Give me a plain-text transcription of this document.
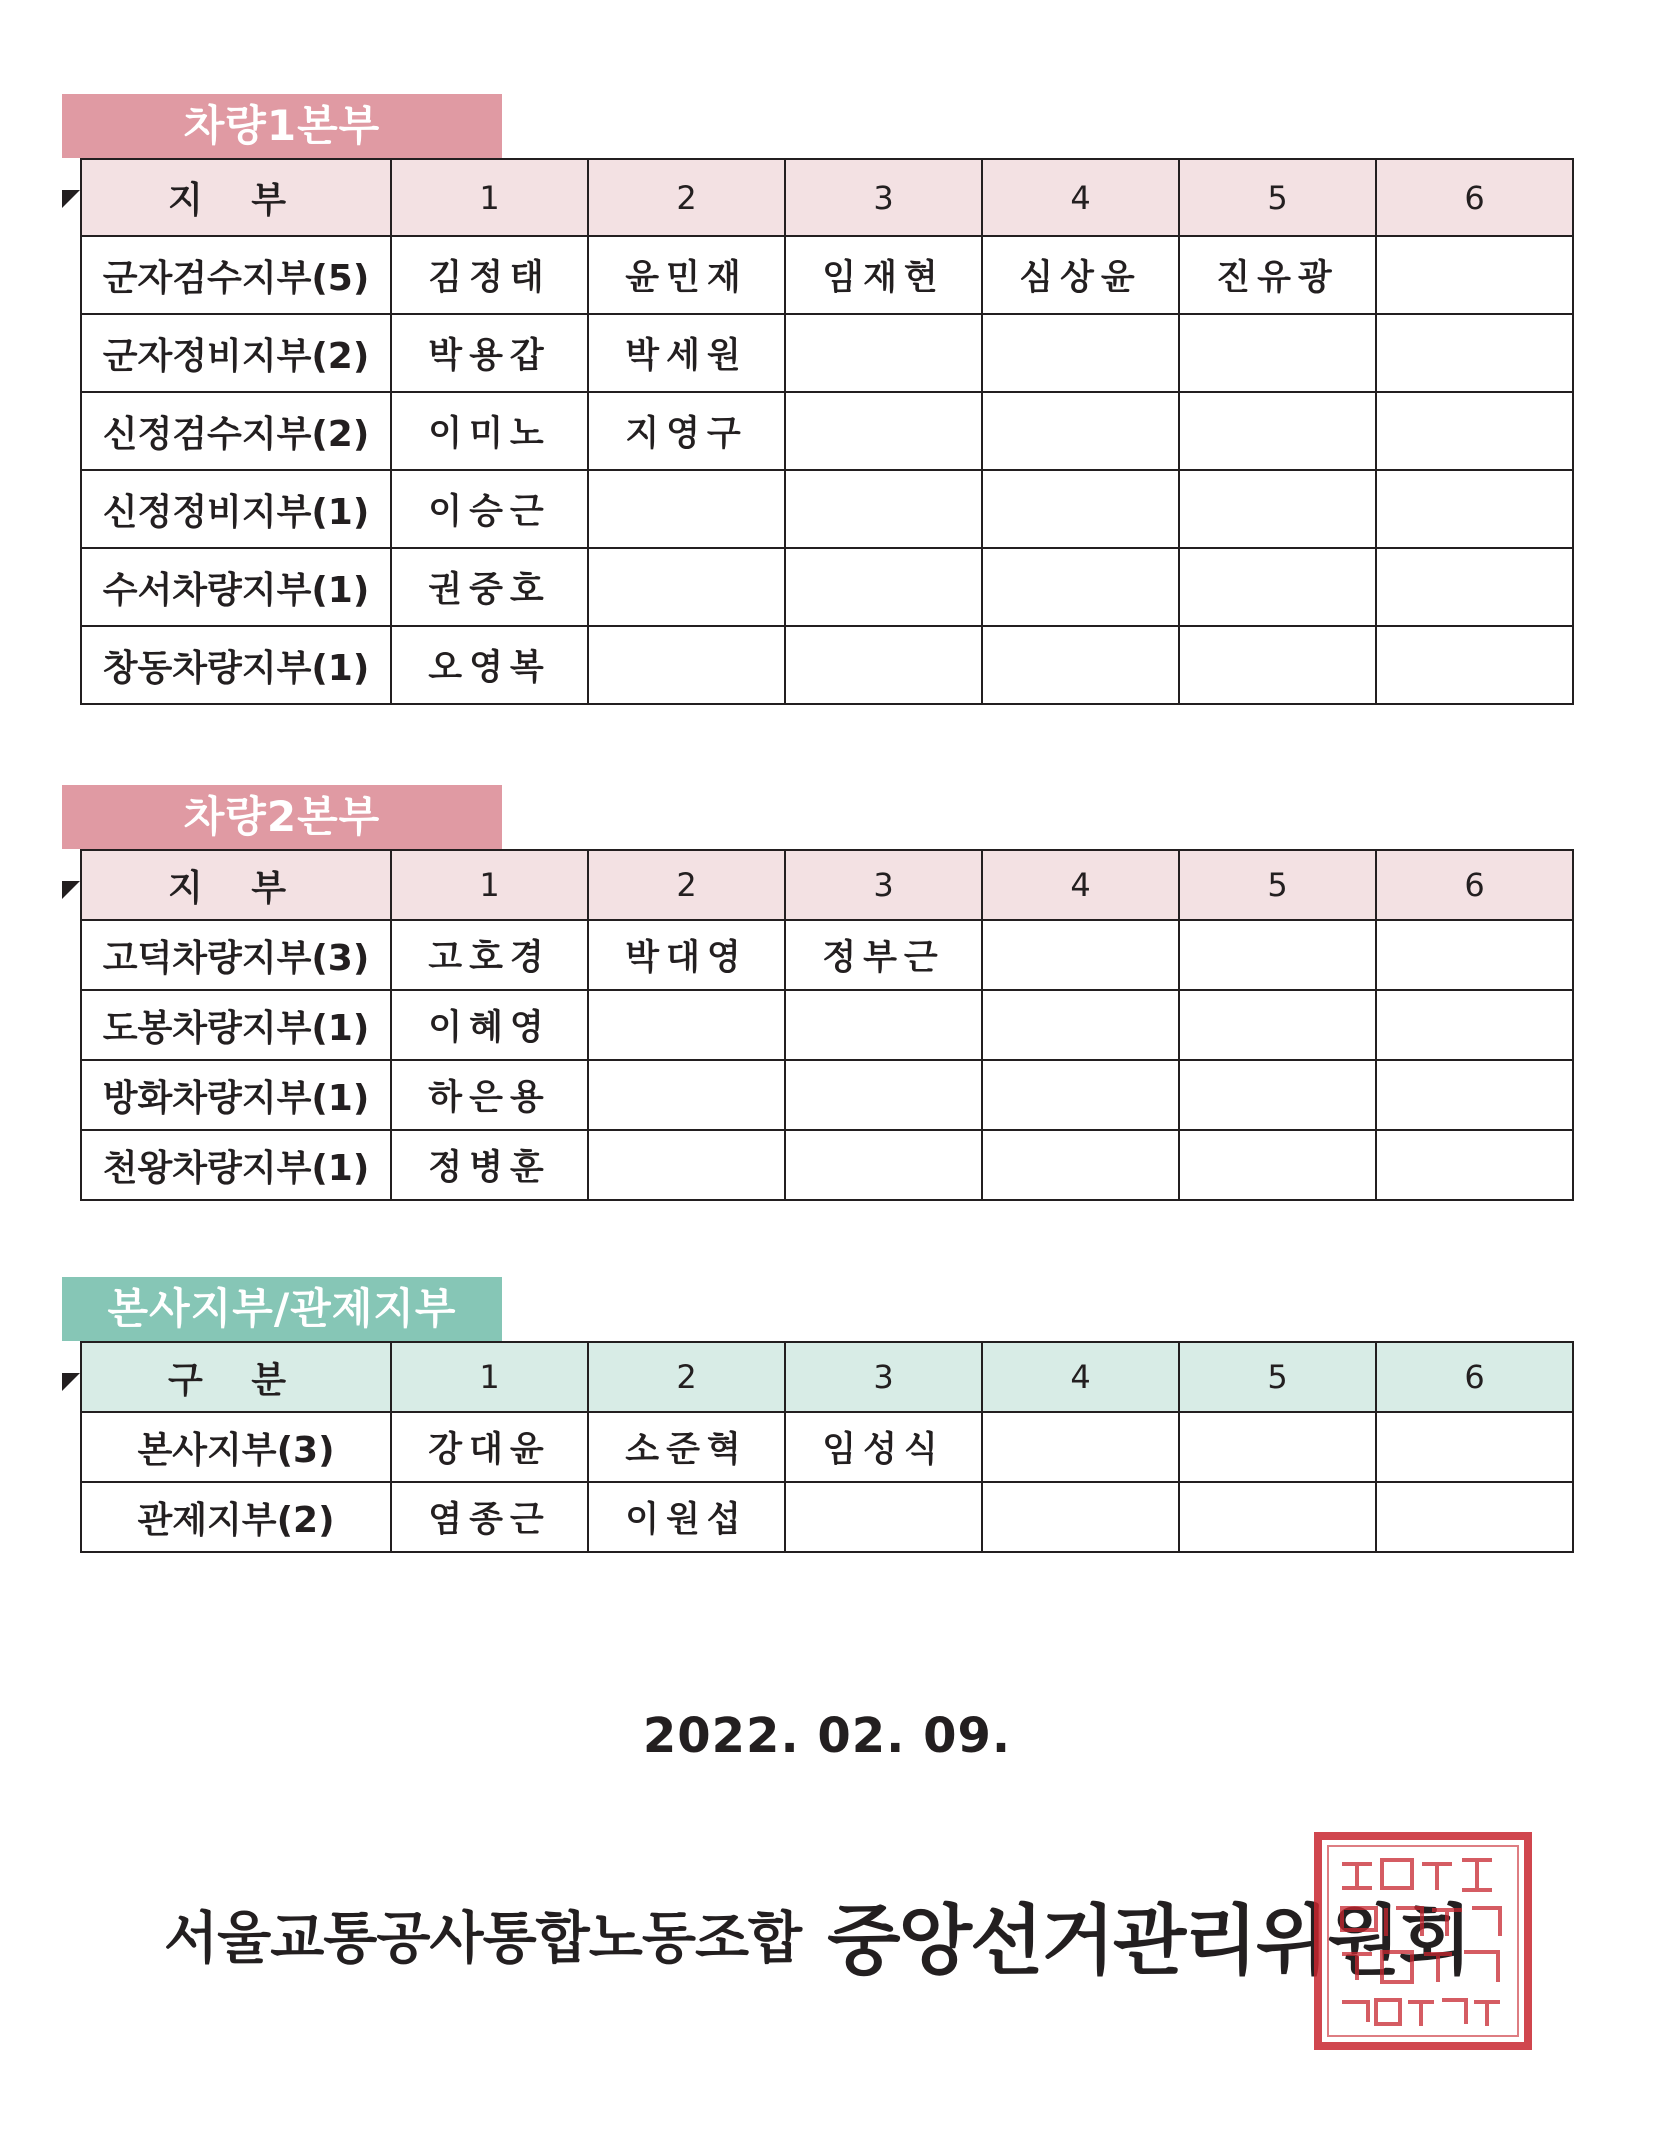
차량1본부
지 부	1	2	3	4	5	6
군자검수지부(5)	김정태	윤민재	임재현	심상윤	진유광	
군자정비지부(2)	박용갑	박세원				
신정검수지부(2)	이미노	지영구				
신정정비지부(1)	이승근					
수서차량지부(1)	권중호					
창동차량지부(1)	오영복					
차량2본부
지 부	1	2	3	4	5	6
고덕차량지부(3)	고호경	박대영	정부근			
도봉차량지부(1)	이혜영					
방화차량지부(1)	하은용					
천왕차량지부(1)	정병훈					
본사지부/관제지부
구 분	1	2	3	4	5	6
본사지부(3)	강대윤	소준혁	임성식			
관제지부(2)	염종근	이원섭				
2022. 02. 09.
서울교통공사통합노동조합 중앙선거관리위원회
